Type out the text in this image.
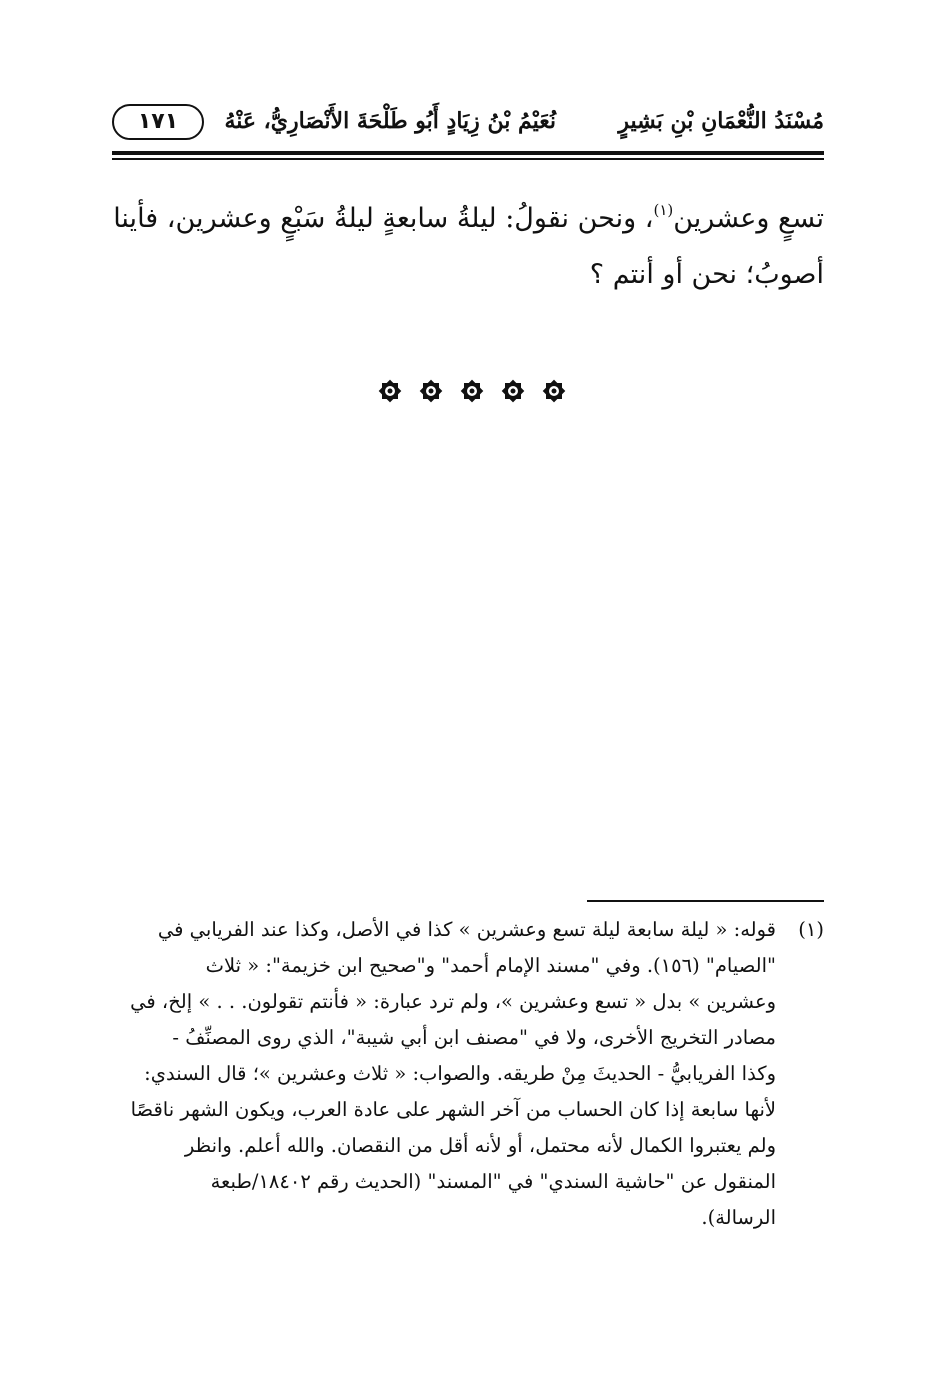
مُسْنَدُ النُّعْمَانِ بْنِ بَشِيرٍ
نُعَيْمُ بْنُ زِيَادٍ أَبُو طَلْحَةَ الأَنْصَارِيُّ، عَنْهُ
١٧١

تسعٍ وعشرين$^{(١)}$، ونحن نقولُ: ليلةُ سابعةٍ ليلةُ سَبْعٍ وعشرين، فأينا

أصوبُ؛ نحن أو أنتم ؟

(١)

قوله: « ليلة سابعة ليلة تسع وعشرين » كذا في الأصل، وكذا عند الفريابي في

"الصيام" (١٥٦). وفي "مسند الإمام أحمد" و"صحيح ابن خزيمة": « ثلاث

وعشرين » بدل « تسع وعشرين »، ولم ترد عبارة: « فأنتم تقولون. . . » إلخ، في

مصادر التخريج الأخرى، ولا في "مصنف ابن أبي شيبة"، الذي روى المصنِّفُ -

وكذا الفريابيُّ - الحديثَ مِنْ طريقه. والصواب: « ثلاث وعشرين »؛ قال السندي:

لأنها سابعة إذا كان الحساب من آخر الشهر على عادة العرب، ويكون الشهر ناقصًا

ولم يعتبروا الكمال لأنه محتمل، أو لأنه أقل من النقصان. والله أعلم. وانظر

المنقول عن "حاشية السندي" في "المسند" (الحديث رقم ١٨٤٠٢/طبعة

الرسالة).
